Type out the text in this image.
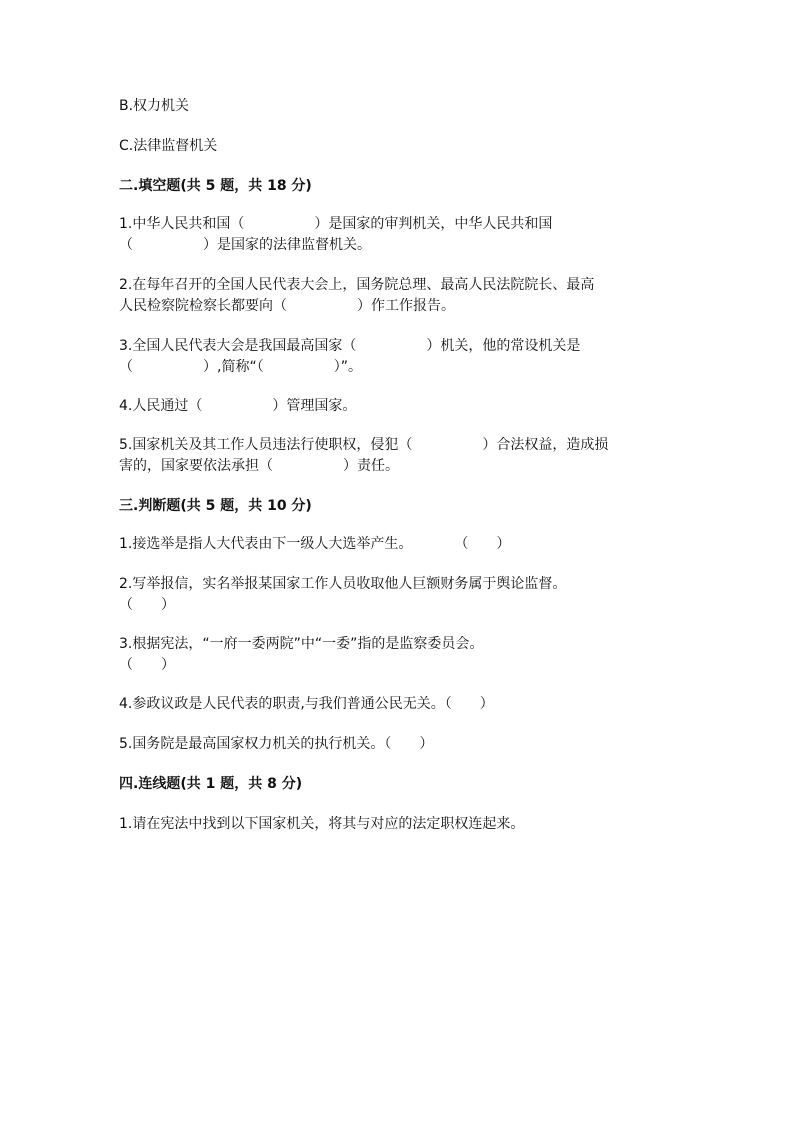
B.权力机关

C.法律监督机关

二.填空题(共 5 题，共 18 分)

1.中华人民共和国（　　　　　）是国家的审判机关，中华人民共和国

（　　　　　）是国家的法律监督机关。

2.在每年召开的全国人民代表大会上，国务院总理、最高人民法院院长、最高

人民检察院检察长都要向（　　　　　）作工作报告。

3.全国人民代表大会是我国最高国家（　　　　　）机关，他的常设机关是

（　　　　　）,简称“（　　　　　）”。

4.人民通过（　　　　　）管理国家。

5.国家机关及其工作人员违法行使职权，侵犯（　　　　　）合法权益，造成损

害的，国家要依法承担（　　　　　）责任。

三.判断题(共 5 题，共 10 分)

1.接选举是指人大代表由下一级人大选举产生。　　　　（　　）

2.写举报信，实名举报某国家工作人员收取他人巨额财务属于舆论监督。

（　　）

3.根据宪法，“一府一委两院”中“一委”指的是监察委员会。

（　　）

4.参政议政是人民代表的职责,与我们普通公民无关。（　　）

5.国务院是最高国家权力机关的执行机关。（　　）

四.连线题(共 1 题，共 8 分)

1.请在宪法中找到以下国家机关，将其与对应的法定职权连起来。
